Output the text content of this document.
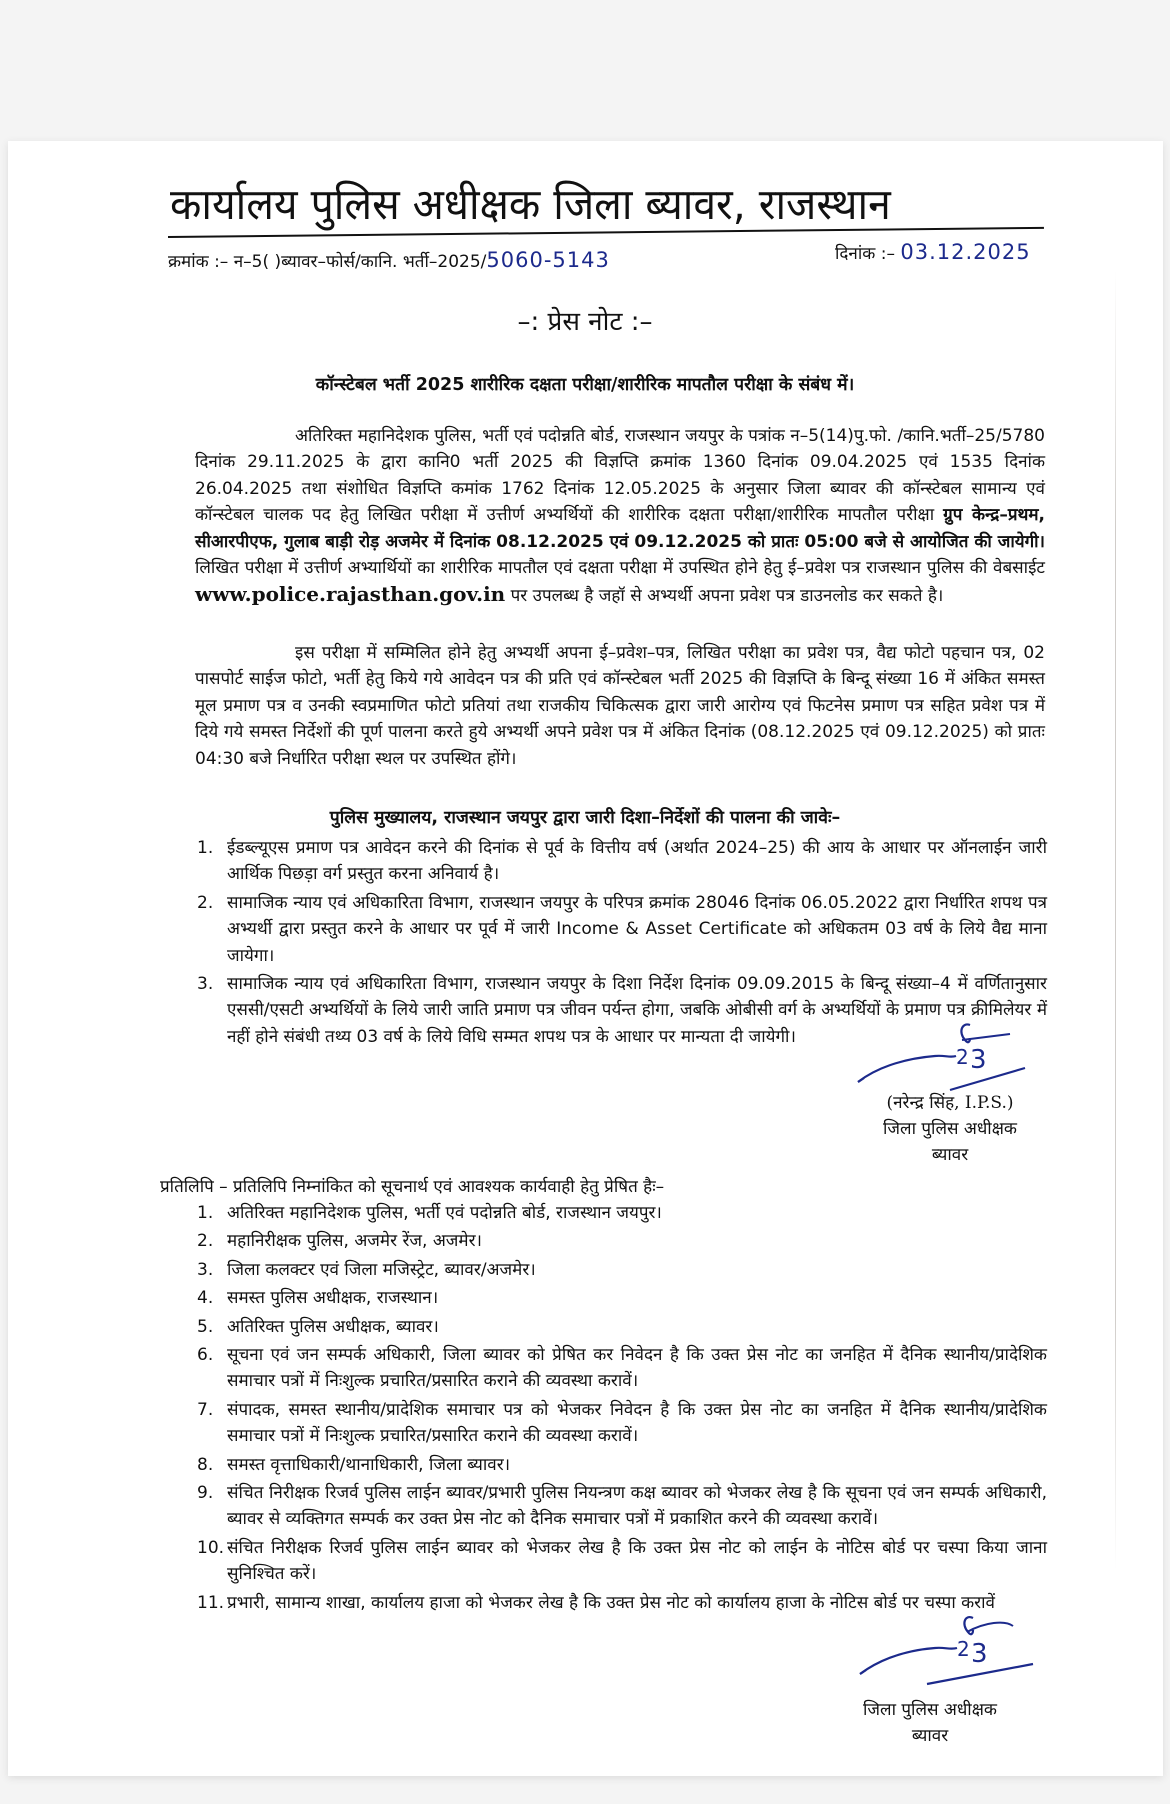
कार्यालय पुलिस अधीक्षक जिला ब्यावर, राजस्थान
क्रमांक :– न–5( )ब्यावर–फोर्स/कानि. भर्ती–2025/5060-5143	दिनांक :– 03.12.2025
–: प्रेस नोट :–
कॉन्स्टेबल भर्ती 2025 शारीरिक दक्षता परीक्षा/शारीरिक मापतौल परीक्षा के संबंध में।

अतिरिक्त महानिदेशक पुलिस, भर्ती एवं पदोन्नति बोर्ड, राजस्थान जयपुर के पत्रांक न–5(14)पु.फो. /कानि.भर्ती–25/5780 दिनांक 29.11.2025 के द्वारा कानि0 भर्ती 2025 की विज्ञप्ति क्रमांक 1360 दिनांक 09.04.2025 एवं 1535 दिनांक 26.04.2025 तथा संशोधित विज्ञप्ति कमांक 1762 दिनांक 12.05.2025 के अनुसार जिला ब्यावर की कॉन्स्टेबल सामान्य एवं कॉन्स्टेबल चालक पद हेतु लिखित परीक्षा में उत्तीर्ण अभ्यर्थियों की शारीरिक दक्षता परीक्षा/शारीरिक मापतौल परीक्षा ग्रुप केन्द्र–प्रथम, सीआरपीएफ, गुलाब बाड़ी रोड़ अजमेर में दिनांक 08.12.2025 एवं 09.12.2025 को प्रातः 05:00 बजे से आयोजित की जायेगी। लिखित परीक्षा में उत्तीर्ण अभ्यार्थियों का शारीरिक मापतौल एवं दक्षता परीक्षा में उपस्थित होने हेतु ई–प्रवेश पत्र राजस्थान पुलिस की वेबसाईट www.police.rajasthan.gov.in पर उपलब्ध है जहॉ से अभ्यर्थी अपना प्रवेश पत्र डाउनलोड कर सकते है।

इस परीक्षा में सम्मिलित होने हेतु अभ्यर्थी अपना ई–प्रवेश–पत्र, लिखित परीक्षा का प्रवेश पत्र, वैद्य फोटो पहचान पत्र, 02 पासपोर्ट साईज फोटो, भर्ती हेतु किये गये आवेदन पत्र की प्रति एवं कॉन्स्टेबल भर्ती 2025 की विज्ञप्ति के बिन्दू संख्या 16 में अंकित समस्त मूल प्रमाण पत्र व उनकी स्वप्रमाणित फोटो प्रतियां तथा राजकीय चिकित्सक द्वारा जारी आरोग्य एवं फिटनेस प्रमाण पत्र सहित प्रवेश पत्र में दिये गये समस्त निर्देशों की पूर्ण पालना करते हुये अभ्यर्थी अपने प्रवेश पत्र में अंकित दिनांक (08.12.2025 एवं 09.12.2025) को प्रातः 04:30 बजे निर्धारित परीक्षा स्थल पर उपस्थित होंगे।

पुलिस मुख्यालय, राजस्थान जयपुर द्वारा जारी दिशा–निर्देशों की पालना की जावेः–
1. ईडब्ल्यूएस प्रमाण पत्र आवेदन करने की दिनांक से पूर्व के वित्तीय वर्ष (अर्थात 2024–25) की आय के आधार पर ऑनलाईन जारी आर्थिक पिछड़ा वर्ग प्रस्तुत करना अनिवार्य है।
2. सामाजिक न्याय एवं अधिकारिता विभाग, राजस्थान जयपुर के परिपत्र क्रमांक 28046 दिनांक 06.05.2022 द्वारा निर्धारित शपथ पत्र अभ्यर्थी द्वारा प्रस्तुत करने के आधार पर पूर्व में जारी Income & Asset Certificate को अधिकतम 03 वर्ष के लिये वैद्य माना जायेगा।
3. सामाजिक न्याय एवं अधिकारिता विभाग, राजस्थान जयपुर के दिशा निर्देश दिनांक 09.09.2015 के बिन्दू संख्या–4 में वर्णितानुसार एससी/एसटी अभ्यर्थियों के लिये जारी जाति प्रमाण पत्र जीवन पर्यन्त होगा, जबकि ओबीसी वर्ग के अभ्यर्थियों के प्रमाण पत्र क्रीमिलेयर में नहीं होने संबंधी तथ्य 03 वर्ष के लिये विधि सम्मत शपथ पत्र के आधार पर मान्यता दी जायेगी।
2 3
(नरेन्द्र सिंह, I.P.S.)
जिला पुलिस अधीक्षक
ब्यावर
प्रतिलिपि – प्रतिलिपि निम्नांकित को सूचनार्थ एवं आवश्यक कार्यवाही हेतु प्रेषित हैः–
1. अतिरिक्त महानिदेशक पुलिस, भर्ती एवं पदोन्नति बोर्ड, राजस्थान जयपुर।
2. महानिरीक्षक पुलिस, अजमेर रेंज, अजमेर।
3. जिला कलक्टर एवं जिला मजिस्ट्रेट, ब्यावर/अजमेर।
4. समस्त पुलिस अधीक्षक, राजस्थान।
5. अतिरिक्त पुलिस अधीक्षक, ब्यावर।
6. सूचना एवं जन सम्पर्क अधिकारी, जिला ब्यावर को प्रेषित कर निवेदन है कि उक्त प्रेस नोट का जनहित में दैनिक स्थानीय/प्रादेशिक समाचार पत्रों में निःशुल्क प्रचारित/प्रसारित कराने की व्यवस्था करावें।
7. संपादक, समस्त स्थानीय/प्रादेशिक समाचार पत्र को भेजकर निवेदन है कि उक्त प्रेस नोट का जनहित में दैनिक स्थानीय/प्रादेशिक समाचार पत्रों में निःशुल्क प्रचारित/प्रसारित कराने की व्यवस्था करावें।
8. समस्त वृत्ताधिकारी/थानाधिकारी, जिला ब्यावर।
9. संचित निरीक्षक रिजर्व पुलिस लाईन ब्यावर/प्रभारी पुलिस नियन्त्रण कक्ष ब्यावर को भेजकर लेख है कि सूचना एवं जन सम्पर्क अधिकारी, ब्यावर से व्यक्तिगत सम्पर्क कर उक्त प्रेस नोट को दैनिक समाचार पत्रों में प्रकाशित करने की व्यवस्था करावें।
10. संचित निरीक्षक रिजर्व पुलिस लाईन ब्यावर को भेजकर लेख है कि उक्त प्रेस नोट को लाईन के नोटिस बोर्ड पर चस्पा किया जाना सुनिश्चित करें।
11. प्रभारी, सामान्य शाखा, कार्यालय हाजा को भेजकर लेख है कि उक्त प्रेस नोट को कार्यालय हाजा के नोटिस बोर्ड पर चस्पा करावें
2 3
जिला पुलिस अधीक्षक
ब्यावर
